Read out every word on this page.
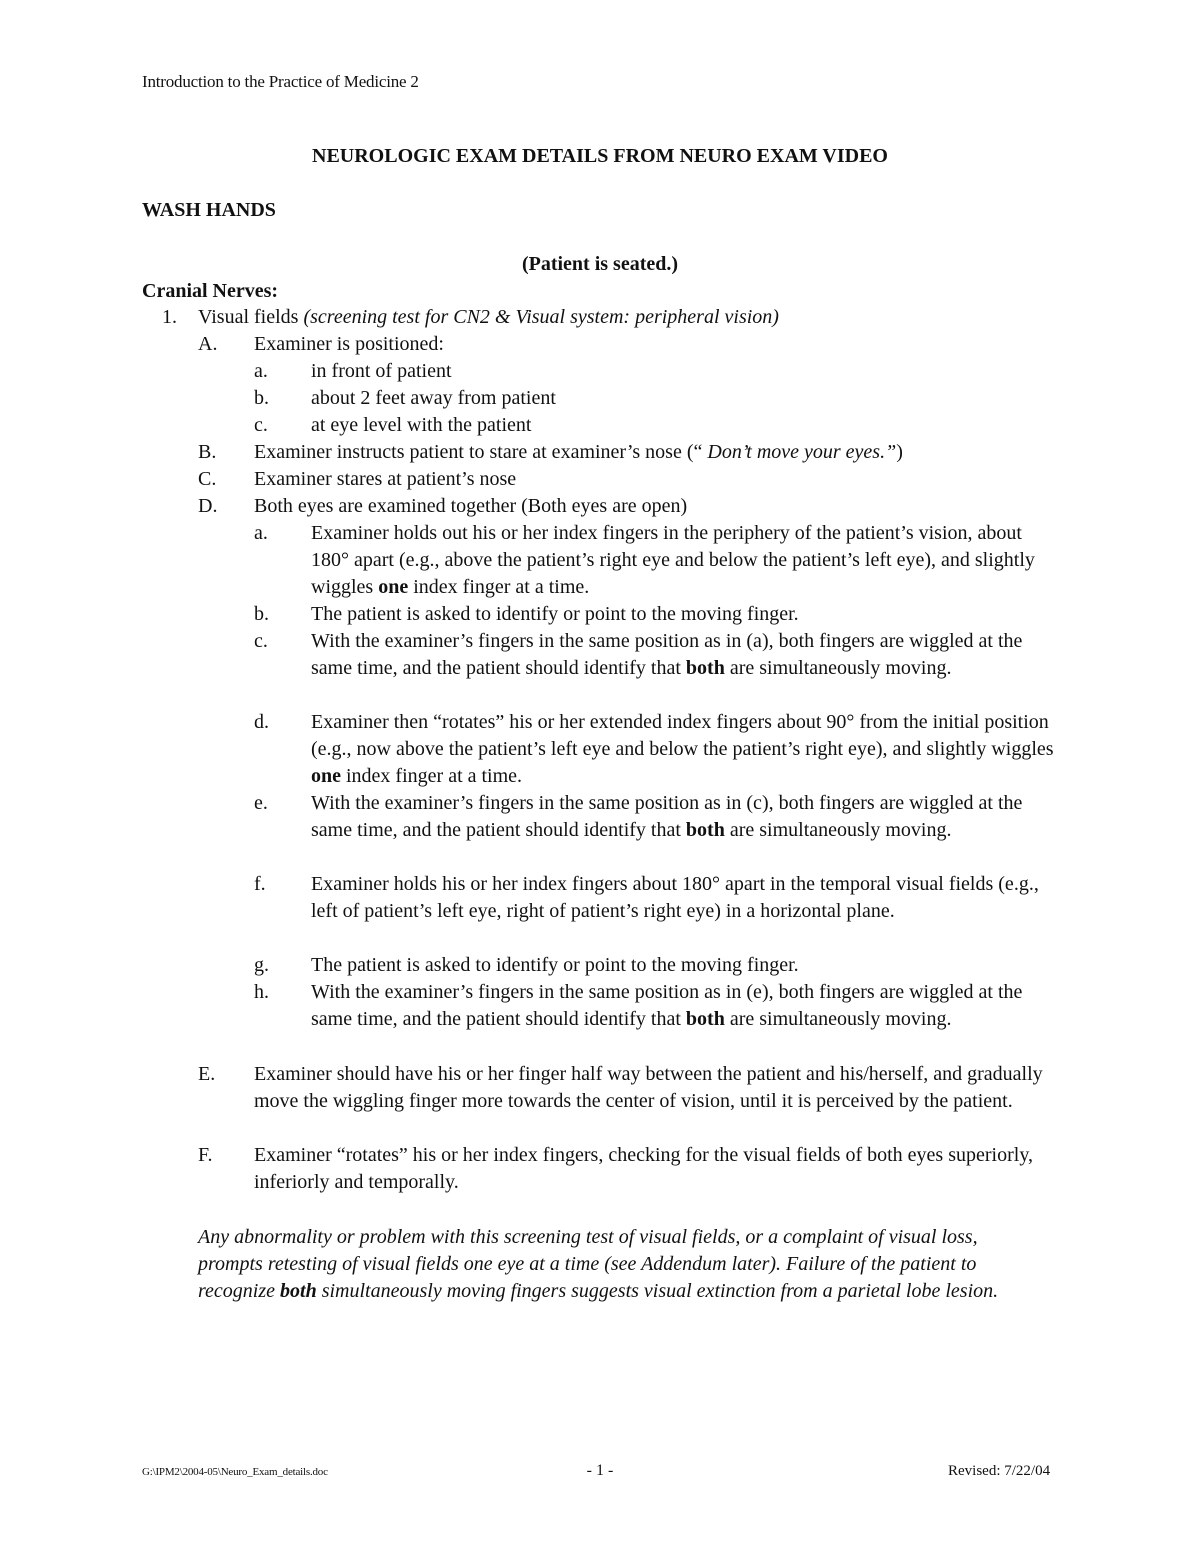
Introduction to the Practice of Medicine 2
NEUROLOGIC EXAM DETAILS FROM NEURO EXAM VIDEO
WASH HANDS
(Patient is seated.)
Cranial Nerves:
1. Visual fields (screening test for CN2 & Visual system: peripheral vision)
A. Examiner is positioned:
a. in front of patient
b. about 2 feet away from patient
c. at eye level with the patient
B. Examiner instructs patient to stare at examiner’s nose (“ Don’t move your eyes.”)
C. Examiner stares at patient’s nose
D. Both eyes are examined together (Both eyes are open)
a. Examiner holds out his or her index fingers in the periphery of the patient’s vision, about 180° apart (e.g., above the patient’s right eye and below the patient’s left eye), and slightly wiggles one index finger at a time.
b. The patient is asked to identify or point to the moving finger.
c. With the examiner’s fingers in the same position as in (a), both fingers are wiggled at the same time, and the patient should identify that both are simultaneously moving.
d. Examiner then “rotates” his or her extended index fingers about 90° from the initial position (e.g., now above the patient’s left eye and below the patient’s right eye), and slightly wiggles one index finger at a time.
e. With the examiner’s fingers in the same position as in (c), both fingers are wiggled at the same time, and the patient should identify that both are simultaneously moving.
f. Examiner holds his or her index fingers about 180° apart in the temporal visual fields (e.g., left of patient’s left eye, right of patient’s right eye) in a horizontal plane.
g. The patient is asked to identify or point to the moving finger.
h. With the examiner’s fingers in the same position as in (e), both fingers are wiggled at the same time, and the patient should identify that both are simultaneously moving.
E. Examiner should have his or her finger half way between the patient and his/herself, and gradually move the wiggling finger more towards the center of vision, until it is perceived by the patient.
F. Examiner “rotates” his or her index fingers, checking for the visual fields of both eyes superiorly, inferiorly and temporally.
Any abnormality or problem with this screening test of visual fields, or a complaint of visual loss, prompts retesting of visual fields one eye at a time (see Addendum later). Failure of the patient to recognize both simultaneously moving fingers suggests visual extinction from a parietal lobe lesion.
G:\IPM2\2004-05\Neuro_Exam_details.doc	- 1 -	Revised: 7/22/04
